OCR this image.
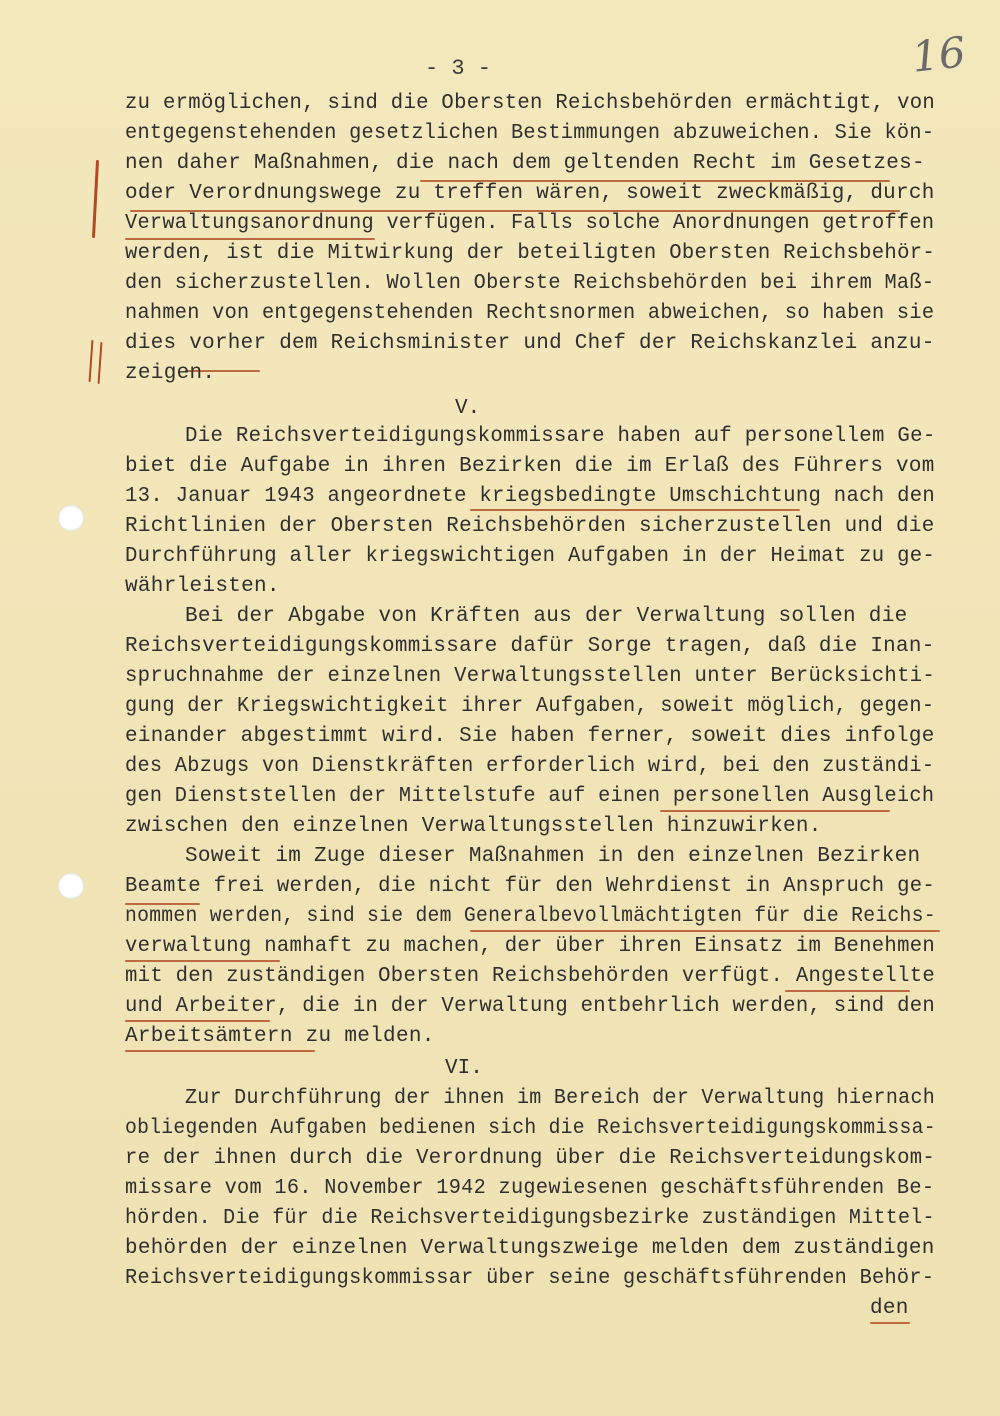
- 3 -	16
zu ermöglichen, sind die Obersten Reichsbehörden ermächtigt, von
entgegenstehenden gesetzlichen Bestimmungen abzuweichen. Sie kön-
nen daher Maßnahmen, die nach dem geltenden Recht im Gesetzes-
oder Verordnungswege zu treffen wären, soweit zweckmäßig, durch
Verwaltungsanordnung verfügen. Falls solche Anordnungen getroffen
werden, ist die Mitwirkung der beteiligten Obersten Reichsbehör-
den sicherzustellen. Wollen Oberste Reichsbehörden bei ihrem Maß-
nahmen von entgegenstehenden Rechtsnormen abweichen, so haben sie
dies vorher dem Reichsminister und Chef der Reichskanzlei anzu-
zeigen.
V.
Die Reichsverteidigungskommissare haben auf personellem Ge-
biet die Aufgabe in ihren Bezirken die im Erlaß des Führers vom
13. Januar 1943 angeordnete kriegsbedingte Umschichtung nach den
Richtlinien der Obersten Reichsbehörden sicherzustellen und die
Durchführung aller kriegswichtigen Aufgaben in der Heimat zu ge-
währleisten.
Bei der Abgabe von Kräften aus der Verwaltung sollen die
Reichsverteidigungskommissare dafür Sorge tragen, daß die Inan-
spruchnahme der einzelnen Verwaltungsstellen unter Berücksichti-
gung der Kriegswichtigkeit ihrer Aufgaben, soweit möglich, gegen-
einander abgestimmt wird. Sie haben ferner, soweit dies infolge
des Abzugs von Dienstkräften erforderlich wird, bei den zuständi-
gen Dienststellen der Mittelstufe auf einen personellen Ausgleich
zwischen den einzelnen Verwaltungsstellen hinzuwirken.
Soweit im Zuge dieser Maßnahmen in den einzelnen Bezirken
Beamte frei werden, die nicht für den Wehrdienst in Anspruch ge-
nommen werden, sind sie dem Generalbevollmächtigten für die Reichs-
verwaltung namhaft zu machen, der über ihren Einsatz im Benehmen
mit den zuständigen Obersten Reichsbehörden verfügt. Angestellte
und Arbeiter, die in der Verwaltung entbehrlich werden, sind den
Arbeitsämtern zu melden.
VI.
Zur Durchführung der ihnen im Bereich der Verwaltung hiernach
obliegenden Aufgaben bedienen sich die Reichsverteidigungskommissa-
re der ihnen durch die Verordnung über die Reichsverteidungskom-
missare vom 16. November 1942 zugewiesenen geschäftsführenden Be-
hörden. Die für die Reichsverteidigungsbezirke zuständigen Mittel-
behörden der einzelnen Verwaltungszweige melden dem zuständigen
Reichsverteidigungskommissar über seine geschäftsführenden Behör-
den
